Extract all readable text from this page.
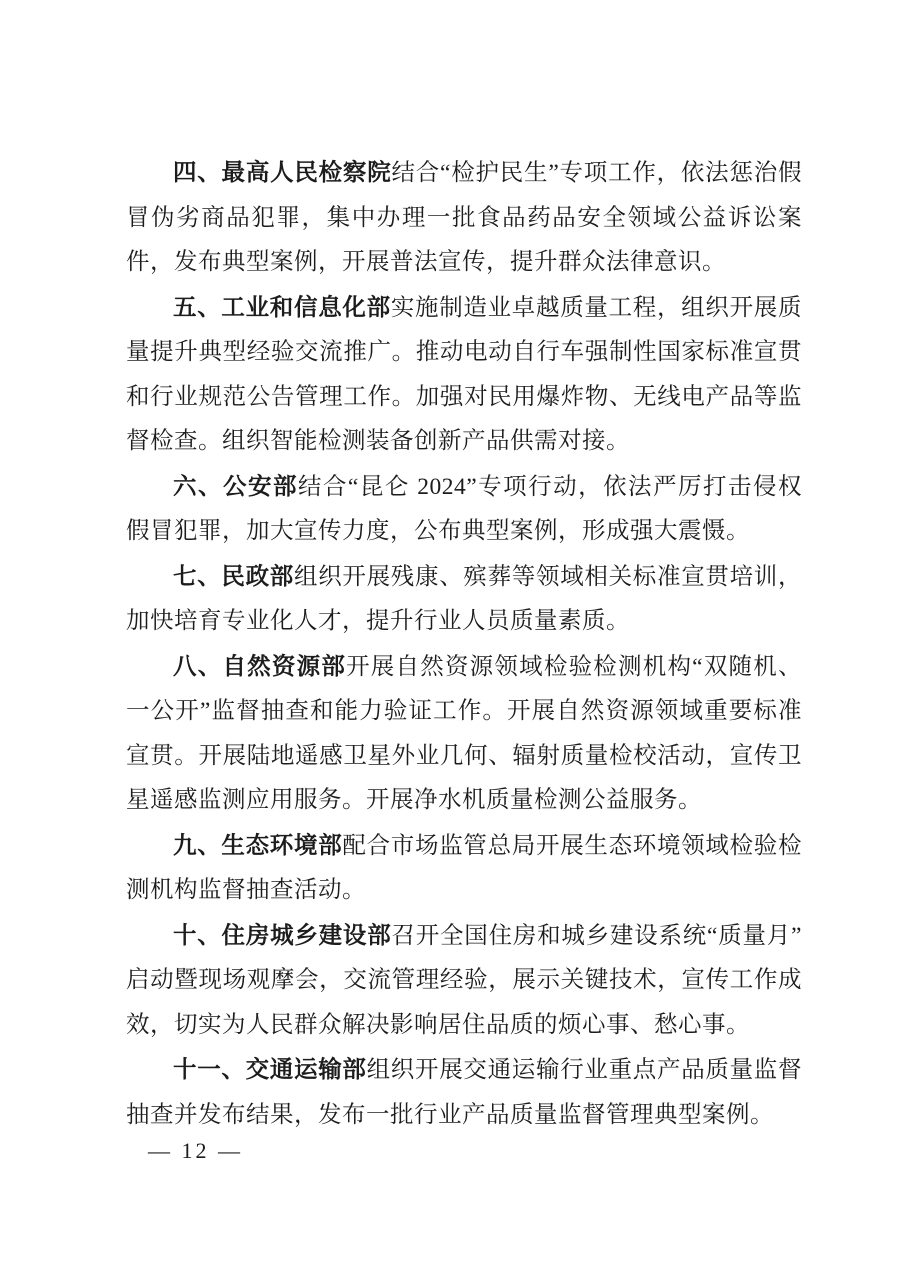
四、最高人民检察院结合“检护民生”专项工作，依法惩治假冒伪劣商品犯罪，集中办理一批食品药品安全领域公益诉讼案件，发布典型案例，开展普法宣传，提升群众法律意识。

五、工业和信息化部实施制造业卓越质量工程，组织开展质量提升典型经验交流推广。推动电动自行车强制性国家标准宣贯和行业规范公告管理工作。加强对民用爆炸物、无线电产品等监督检查。组织智能检测装备创新产品供需对接。

六、公安部结合“昆仑 2024”专项行动，依法严厉打击侵权假冒犯罪，加大宣传力度，公布典型案例，形成强大震慑。

七、民政部组织开展残康、殡葬等领域相关标准宣贯培训，加快培育专业化人才，提升行业人员质量素质。

八、自然资源部开展自然资源领域检验检测机构“双随机、一公开”监督抽查和能力验证工作。开展自然资源领域重要标准宣贯。开展陆地遥感卫星外业几何、辐射质量检校活动，宣传卫星遥感监测应用服务。开展净水机质量检测公益服务。

九、生态环境部配合市场监管总局开展生态环境领域检验检测机构监督抽查活动。

十、住房城乡建设部召开全国住房和城乡建设系统“质量月”启动暨现场观摩会，交流管理经验，展示关键技术，宣传工作成效，切实为人民群众解决影响居住品质的烦心事、愁心事。

十一、交通运输部组织开展交通运输行业重点产品质量监督抽查并发布结果，发布一批行业产品质量监督管理典型案例。

— 12 —
